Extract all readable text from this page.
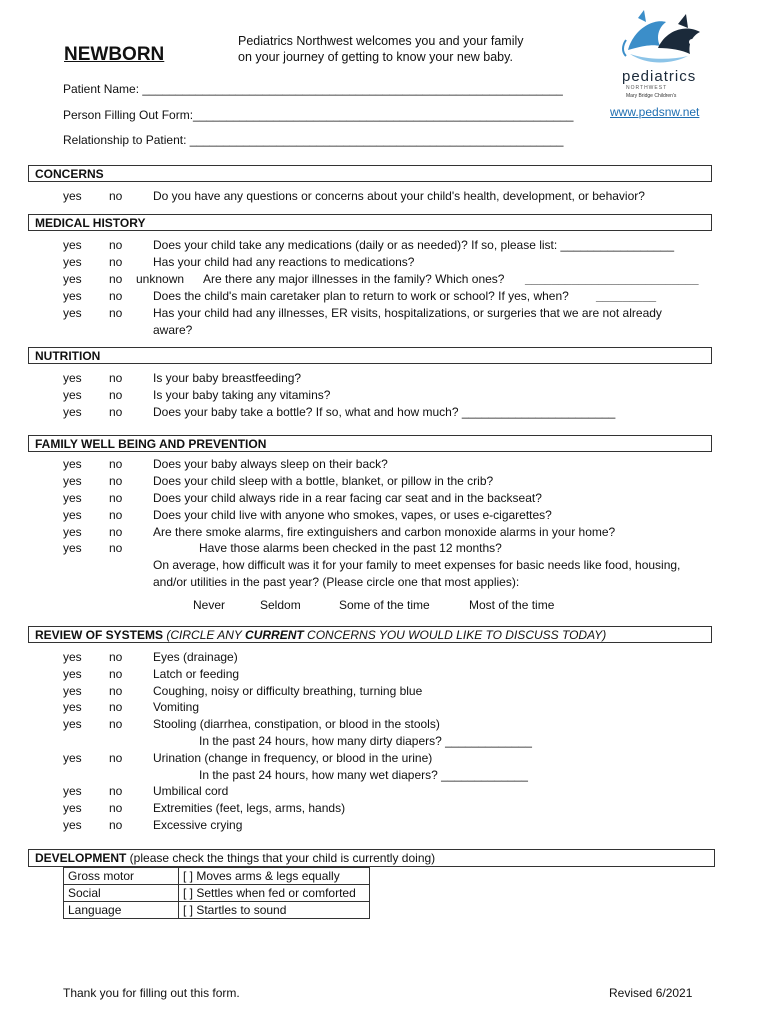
NEWBORN
Pediatrics Northwest welcomes you and your family
on your journey of getting to know your new baby.
pediatrics
NORTHWEST
Mary Bridge Children's
www.pedsnw.net
Patient Name: _______________________________________________________________
Person Filling Out Form:_________________________________________________________
Relationship to Patient: ________________________________________________________
CONCERNS
yes no	Do you have any questions or concerns about your child's health, development, or behavior?
MEDICAL HISTORY
yes no	Does your child take any medications (daily or as needed)? If so, please list: _________________
yes no	Has your child had any reactions to medications?
yes no unknown Are there any major illnesses in the family? Which ones? __________________________
yes no	Does the child's main caretaker plan to return to work or school? If yes, when? _________
yes no	Has your child had any illnesses, ER visits, hospitalizations, or surgeries that we are not already
aware?
NUTRITION
yes no	Is your baby breastfeeding?
yes no	Is your baby taking any vitamins?
yes no	Does your baby take a bottle? If so, what and how much? _______________________
FAMILY WELL BEING AND PREVENTION
yes no	Does your baby always sleep on their back?
yes no	Does your child sleep with a bottle, blanket, or pillow in the crib?
yes no	Does your child always ride in a rear facing car seat and in the backseat?
yes no	Does your child live with anyone who smokes, vapes, or uses e-cigarettes?
yes no	Are there smoke alarms, fire extinguishers and carbon monoxide alarms in your home?
yes no	Have those alarms been checked in the past 12 months?
On average, how difficult was it for your family to meet expenses for basic needs like food, housing,
and/or utilities in the past year? (Please circle one that most applies):
Never	Seldom	Some of the time	Most of the time
REVIEW OF SYSTEMS (CIRCLE ANY CURRENT CONCERNS YOU WOULD LIKE TO DISCUSS TODAY)
yes no	Eyes (drainage)
yes no	Latch or feeding
yes no	Coughing, noisy or difficulty breathing, turning blue
yes no	Vomiting
yes no	Stooling (diarrhea, constipation, or blood in the stools)
In the past 24 hours, how many dirty diapers? _____________
yes no	Urination (change in frequency, or blood in the urine)
In the past 24 hours, how many wet diapers? _____________
yes no	Umbilical cord
yes no	Extremities (feet, legs, arms, hands)
yes no	Excessive crying
DEVELOPMENT (please check the things that your child is currently doing)
Gross motor	[ ] Moves arms & legs equally
Social	[ ] Settles when fed or comforted
Language	[ ] Startles to sound
Thank you for filling out this form.	Revised 6/2021
